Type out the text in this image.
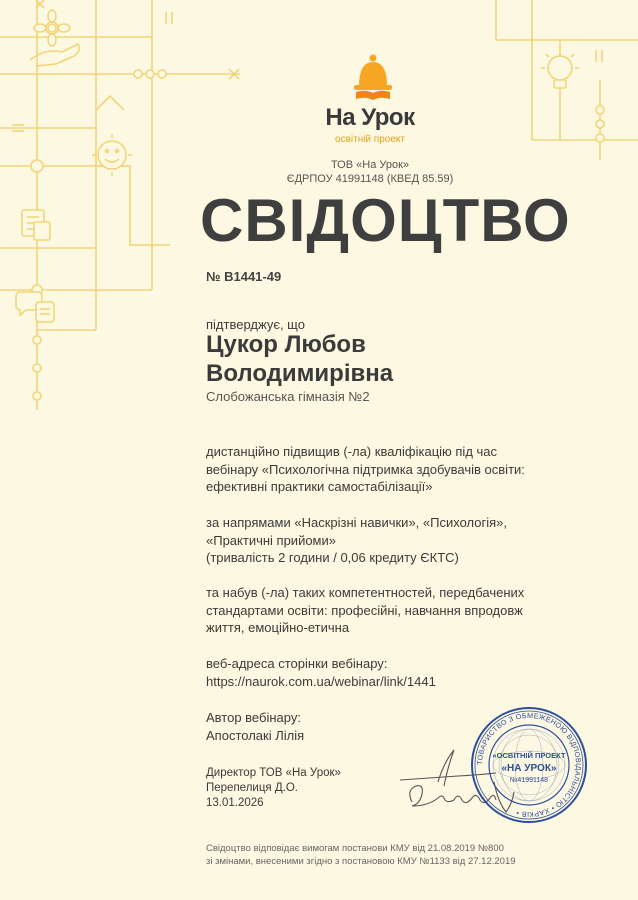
На Урок
освітній проект
ТОВ «На Урок»
ЄДРПОУ 41991148 (КВЕД 85.59)
СВІДОЦТВО
№ В1441-49
підтверджує, що
Цукор Любов
Володимирівна
Слобожанська гімназія №2
дистанційно підвищив (-ла) кваліфікацію під час
вебінару «Психологічна підтримка здобувачів освіти:
ефективні практики самостабілізації»
за напрямами «Наскрізні навички», «Психологія»,
«Практичні прийоми»
(тривалість 2 години / 0,06 кредиту ЄКТС)
та набув (-ла) таких компетентностей, передбачених
стандартами освіти: професійні, навчання впродовж
життя, емоційно-етична
веб-адреса сторінки вебінару:
https://naurok.com.ua/webinar/link/1441
Автор вебінару:
Апостолакі Лілія
Директор ТОВ «На Урок»
Перепелиця Д.О.
13.01.2026
ТОВАРИСТВО З ОБМЕЖЕНОЮ ВІДПОВІДАЛЬНІСТЮ • ХАРКІВ •
«ОСВІТНІЙ ПРОЕКТ
«НА УРОК»
№41991148
Свідоцтво відповідає вимогам постанови КМУ від 21.08.2019 №800
зі змінами, внесеними згідно з постановою КМУ №1133 від 27.12.2019
